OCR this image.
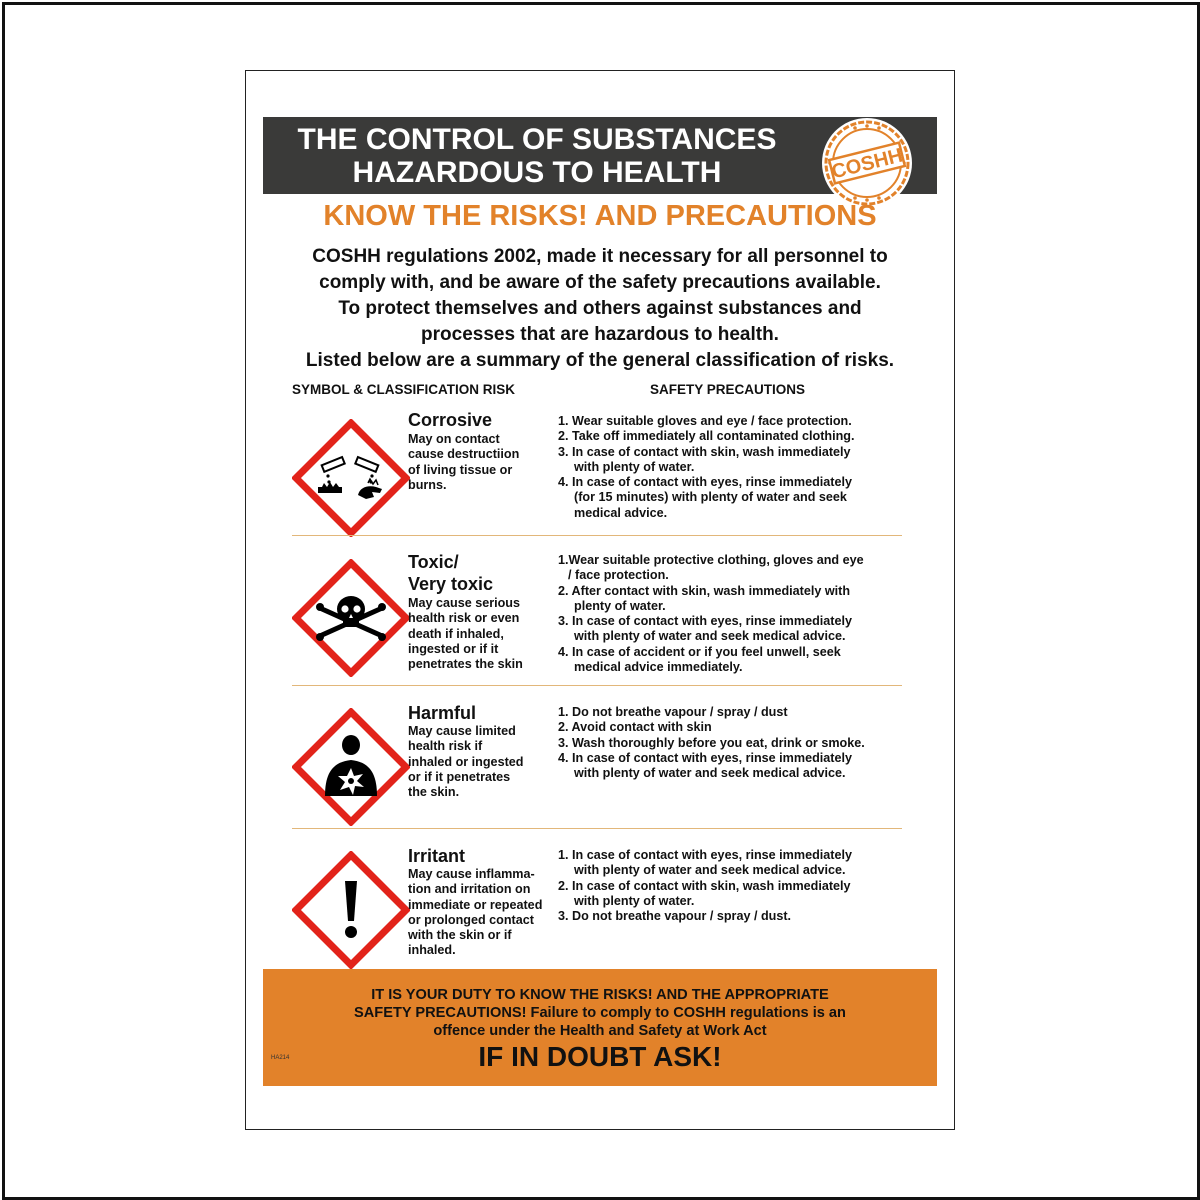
THE CONTROL OF SUBSTANCES
HAZARDOUS TO HEALTH	COSHH
KNOW THE RISKS! AND PRECAUTIONS
COSHH regulations 2002, made it necessary for all personnel to
comply with, and be aware of the safety precautions available.
To protect themselves and others against substances and
processes that are hazardous to health.
Listed below are a summary of the general classification of risks.
SYMBOL & CLASSIFICATION RISK	SAFETY PRECAUTIONS
Corrosive
May on contact
cause destructiion
of living tissue or
burns.
1. Wear suitable gloves and eye / face protection.
2. Take off immediately all contaminated clothing.
3. In case of contact with skin, wash immediately
with plenty of water.
4. In case of contact with eyes, rinse immediately
(for 15 minutes) with plenty of water and seek
medical advice.
Toxic/
Very toxic
May cause serious
health risk or even
death if inhaled,
ingested or if it
penetrates the skin
1.Wear suitable protective clothing, gloves and eye
/ face protection.
2. After contact with skin, wash immediately with
plenty of water.
3. In case of contact with eyes, rinse immediately
with plenty of water and seek medical advice.
4. In case of accident or if you feel unwell, seek
medical advice immediately.
Harmful
May cause limited
health risk if
inhaled or ingested
or if it penetrates
the skin.
1. Do not breathe vapour / spray / dust
2. Avoid contact with skin
3. Wash thoroughly before you eat, drink or smoke.
4. In case of contact with eyes, rinse immediately
with plenty of water and seek medical advice.
Irritant
May cause inflamma-
tion and irritation on
immediate or repeated
or prolonged contact
with the skin or if
inhaled.
1. In case of contact with eyes, rinse immediately
with plenty of water and seek medical advice.
2. In case of contact with skin, wash immediately
with plenty of water.
3. Do not breathe vapour / spray / dust.
IT IS YOUR DUTY TO KNOW THE RISKS! AND THE APPROPRIATE
SAFETY PRECAUTIONS! Failure to comply to COSHH regulations is an
offence under the Health and Safety at Work Act
IF IN DOUBT ASK!
HA214
